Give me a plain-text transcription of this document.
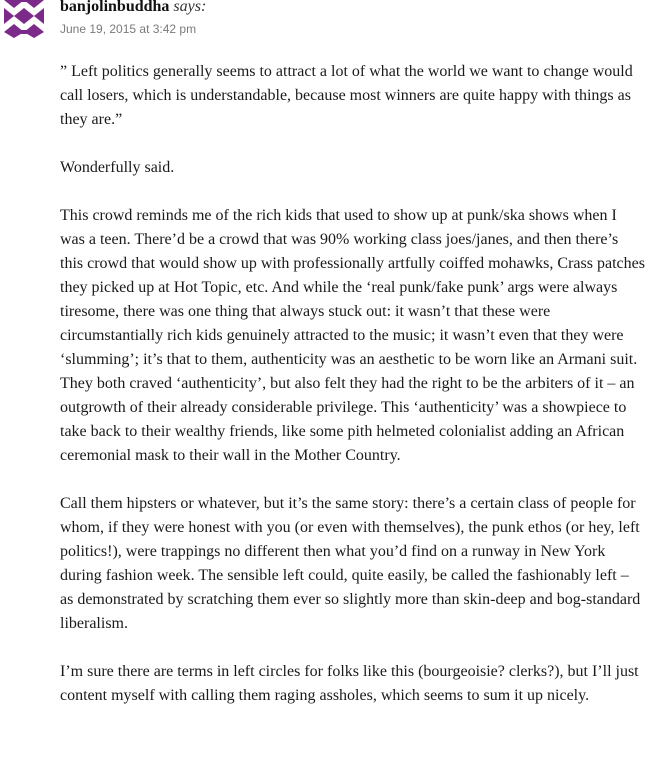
banjolinbuddha says:
June 19, 2015 at 3:42 pm

” Left politics generally seems to attract a lot of what the world we want to change would call losers, which is understandable, because most winners are quite happy with things as they are.”

Wonderfully said.

This crowd reminds me of the rich kids that used to show up at punk/ska shows when I was a teen. There’d be a crowd that was 90% working class joes/janes, and then there’s this crowd that would show up with professionally artfully coiffed mohawks, Crass patches they picked up at Hot Topic, etc. And while the ‘real punk/fake punk’ args were always tiresome, there was one thing that always stuck out: it wasn’t that these were circumstantially rich kids genuinely attracted to the music; it wasn’t even that they were ‘slumming’; it’s that to them, authenticity was an aesthetic to be worn like an Armani suit. They both craved ‘authenticity’, but also felt they had the right to be the arbiters of it – an outgrowth of their already considerable privilege. This ‘authenticity’ was a showpiece to take back to their wealthy friends, like some pith helmeted colonialist adding an African ceremonial mask to their wall in the Mother Country.

Call them hipsters or whatever, but it’s the same story: there’s a certain class of people for whom, if they were honest with you (or even with themselves), the punk ethos (or hey, left politics!), were trappings no different then what you’d find on a runway in New York during fashion week. The sensible left could, quite easily, be called the fashionably left – as demonstrated by scratching them ever so slightly more than skin-deep and bog-standard liberalism.

I’m sure there are terms in left circles for folks like this (bourgeoisie? clerks?), but I’ll just content myself with calling them raging assholes, which seems to sum it up nicely.
